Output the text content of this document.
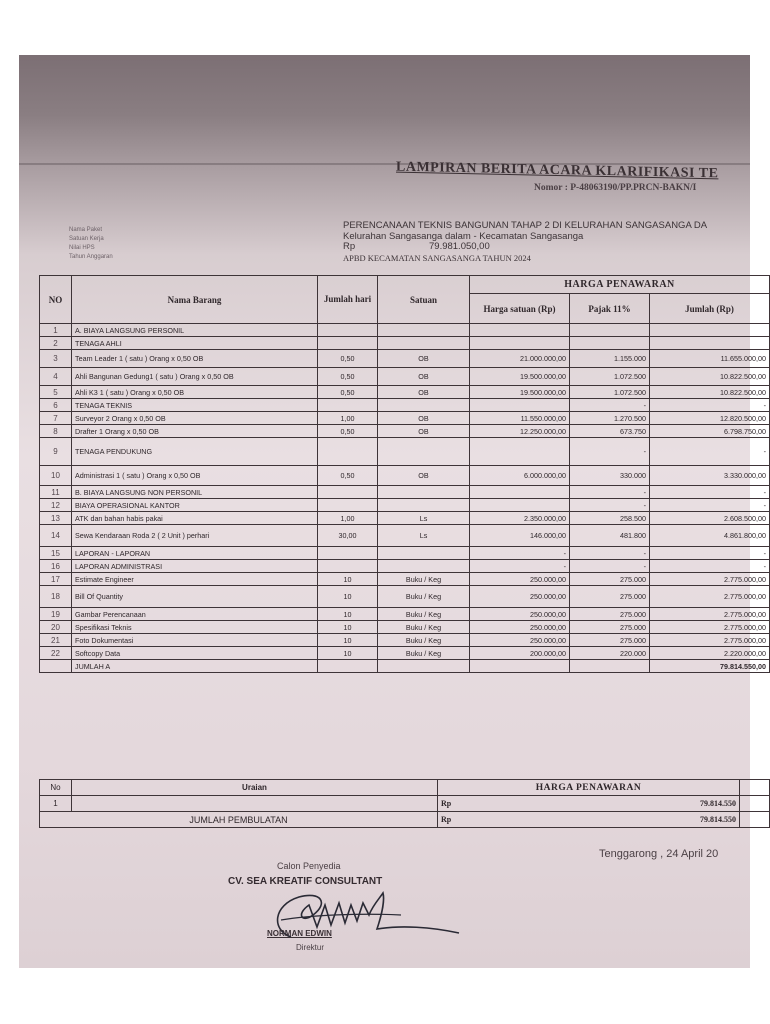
LAMPIRAN BERITA ACARA KLARIFIKASI TE
Nomor : P-48063190/PP.PRCN-BAKN/I
Nama Paket
Satuan Kerja
Nilai HPS
Tahun Anggaran
PERENCANAAN TEKNIS BANGUNAN TAHAP 2 DI KELURAHAN SANGASANGA DA
Kelurahan Sangasanga dalam - Kecamatan Sangasanga
Rp	79.981.050,00
APBD KECAMATAN SANGASANGA TAHUN 2024
NO	Nama Barang	Jumlah hari	Satuan	HARGA PENAWARAN		
				Harga satuan (Rp)	Pajak 11%	Jumlah (Rp)
1	A. BIAYA LANGSUNG PERSONIL					
2	TENAGA AHLI					
3	Team Leader 1 ( satu ) Orang x 0,50 OB	0,50	OB	21.000.000,00	1.155.000	11.655.000,00
4	Ahli Bangunan Gedung1 ( satu ) Orang x 0,50 OB	0,50	OB	19.500.000,00	1.072.500	10.822.500,00
5	Ahli K3 1 ( satu ) Orang x 0,50 OB	0,50	OB	19.500.000,00	1.072.500	10.822.500,00
6	TENAGA TEKNIS				-	-
7	Surveyor 2 Orang x 0,50 OB	1,00	OB	11.550.000,00	1.270.500	12.820.500,00
8	Drafter 1 Orang x 0,50 OB	0,50	OB	12.250.000,00	673.750	6.798.750,00
9	TENAGA PENDUKUNG				-	-
10	Administrasi 1 ( satu ) Orang x 0,50 OB	0,50	OB	6.000.000,00	330.000	3.330.000,00
11	B. BIAYA LANGSUNG NON PERSONIL				-	-
12	BIAYA OPERASIONAL KANTOR				-	-
13	ATK dan bahan habis pakai	1,00	Ls	2.350.000,00	258.500	2.608.500,00
14	Sewa Kendaraan Roda 2 ( 2 Unit ) perhari	30,00	Ls	146.000,00	481.800	4.861.800,00
15	LAPORAN - LAPORAN			-	-	-
16	LAPORAN ADMINISTRASI			-	-	-
17	Estimate Engineer	10	Buku / Keg	250.000,00	275.000	2.775.000,00
18	Bill Of Quantity	10	Buku / Keg	250.000,00	275.000	2.775.000,00
19	Gambar Perencanaan	10	Buku / Keg	250.000,00	275.000	2.775.000,00
20	Spesifikasi Teknis	10	Buku / Keg	250.000,00	275.000	2.775.000,00
21	Foto Dokumentasi	10	Buku / Keg	250.000,00	275.000	2.775.000,00
22	Softcopy Data	10	Buku / Keg	200.000,00	220.000	2.220.000,00
	JUMLAH A					79.814.550,00
No	Uraian	HARGA PENAWARAN		
1		Rp	79.814.550	
JUMLAH PEMBULATAN		Rp	79.814.550	
Tenggarong , 24 April 20
Calon Penyedia
CV. SEA KREATIF CONSULTANT
NORMAN EDWIN
Direktur
